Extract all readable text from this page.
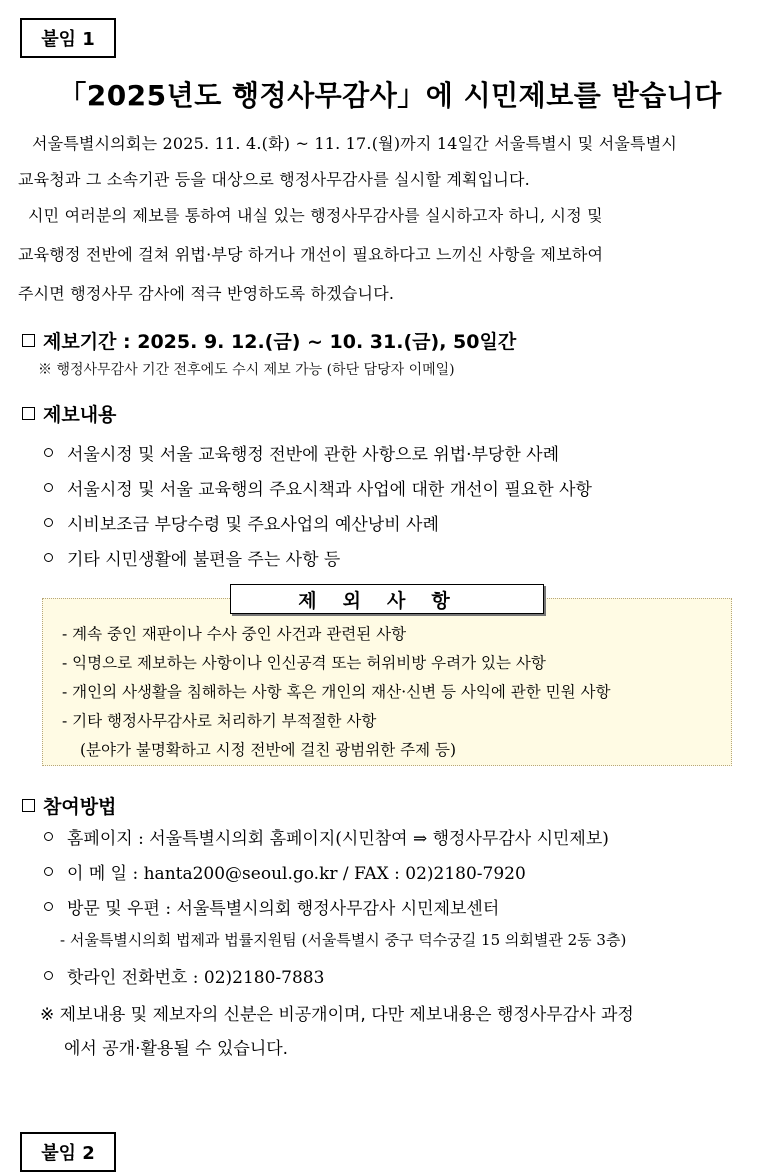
붙임 1
「2025년도 행정사무감사」에 시민제보를 받습니다
서울특별시의회는 2025. 11. 4.(화) ~ 11. 17.(월)까지 14일간 서울특별시 및 서울특별시
교육청과 그 소속기관 등을 대상으로 행정사무감사를 실시할 계획입니다.
시민 여러분의 제보를 통하여 내실 있는 행정사무감사를 실시하고자 하니, 시정 및
교육행정 전반에 걸쳐 위법·부당 하거나 개선이 필요하다고 느끼신 사항을 제보하여
주시면 행정사무 감사에 적극 반영하도록 하겠습니다.
제보기간 : 2025. 9. 12.(금) ~ 10. 31.(금), 50일간
※ 행정사무감사 기간 전후에도 수시 제보 가능 (하단 담당자 이메일)
제보내용
서울시정 및 서울 교육행정 전반에 관한 사항으로 위법·부당한 사례
서울시정 및 서울 교육행의 주요시책과 사업에 대한 개선이 필요한 사항
시비보조금 부당수령 및 주요사업의 예산낭비 사례
기타 시민생활에 불편을 주는 사항 등
제외사항
- 계속 중인 재판이나 수사 중인 사건과 관련된 사항
- 익명으로 제보하는 사항이나 인신공격 또는 허위비방 우려가 있는 사항
- 개인의 사생활을 침해하는 사항 혹은 개인의 재산·신변 등 사익에 관한 민원 사항
- 기타 행정사무감사로 처리하기 부적절한 사항
(분야가 불명확하고 시정 전반에 걸친 광범위한 주제 등)
참여방법
홈페이지 : 서울특별시의회 홈페이지(시민참여 ⇒ 행정사무감사 시민제보)
이 메 일 : hanta200@seoul.go.kr / FAX : 02)2180-7920
방문 및 우편 : 서울특별시의회 행정사무감사 시민제보센터
- 서울특별시의회 법제과 법률지원팀 (서울특별시 중구 덕수궁길 15 의회별관 2동 3층)
핫라인 전화번호 : 02)2180-7883
※ 제보내용 및 제보자의 신분은 비공개이며, 다만 제보내용은 행정사무감사 과정
에서 공개·활용될 수 있습니다.
붙임 2
